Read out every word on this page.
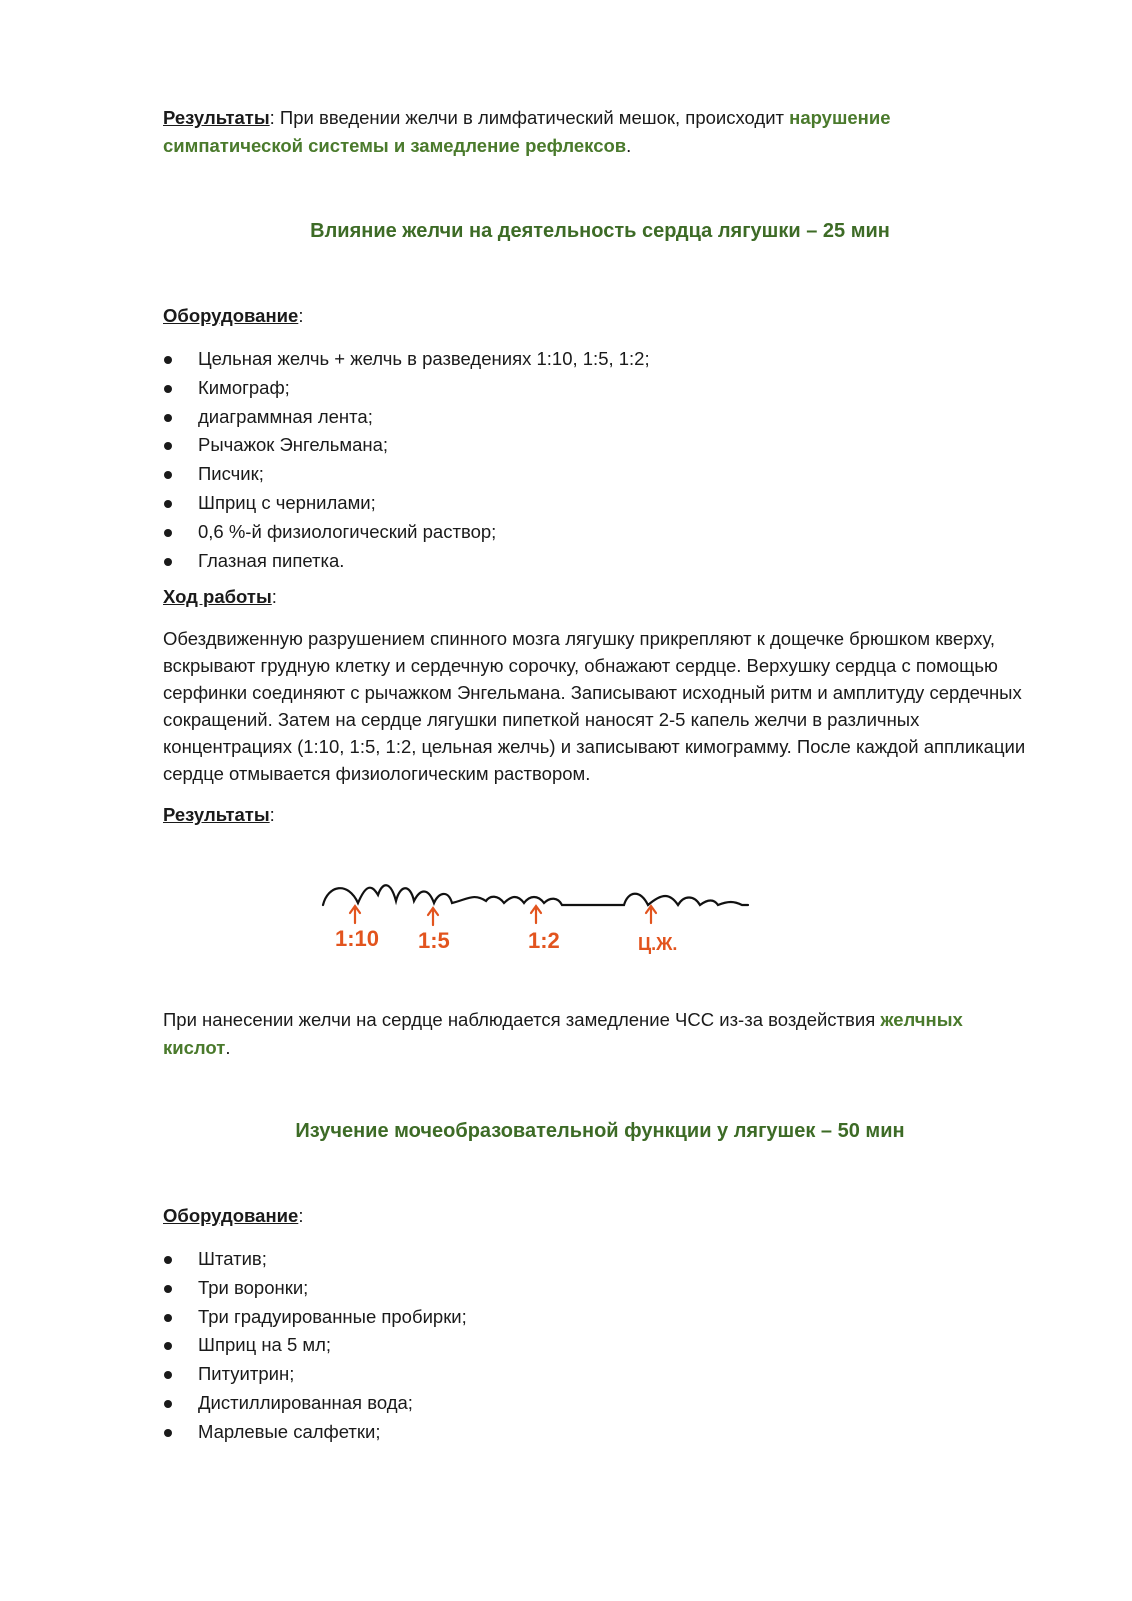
Результаты: При введении желчи в лимфатический мешок, происходит нарушение симпатической системы и замедление рефлексов.

Влияние желчи на деятельность сердца лягушки – 25 мин

Оборудование:

Цельная желчь + желчь в разведениях 1:10, 1:5, 1:2;
Кимограф;
диаграммная лента;
Рычажок Энгельмана;
Писчик;
Шприц с чернилами;
0,6 %-й физиологический раствор;
Глазная пипетка.

Ход работы:

Обездвиженную разрушением спинного мозга лягушку прикрепляют к дощечке брюшком кверху, вскрывают грудную клетку и сердечную сорочку, обнажают сердце. Верхушку сердца с помощью серфинки соединяют с рычажком Энгельмана. Записывают исходный ритм и амплитуду сердечных сокращений. Затем на сердце лягушки пипеткой наносят 2-5 капель желчи в различных концентрациях (1:10, 1:5, 1:2, цельная желчь) и записывают кимограмму. После каждой аппликации сердце отмывается физиологическим раствором.

Результаты:

1:10 1:5	1:2	Ц.Ж.

При нанесении желчи на сердце наблюдается замедление ЧСС из-за воздействия желчных кислот.

Изучение мочеобразовательной функции у лягушек – 50 мин

Оборудование:

Штатив;
Три воронки;
Три градуированные пробирки;
Шприц на 5 мл;
Питуитрин;
Дистиллированная вода;
Марлевые салфетки;
